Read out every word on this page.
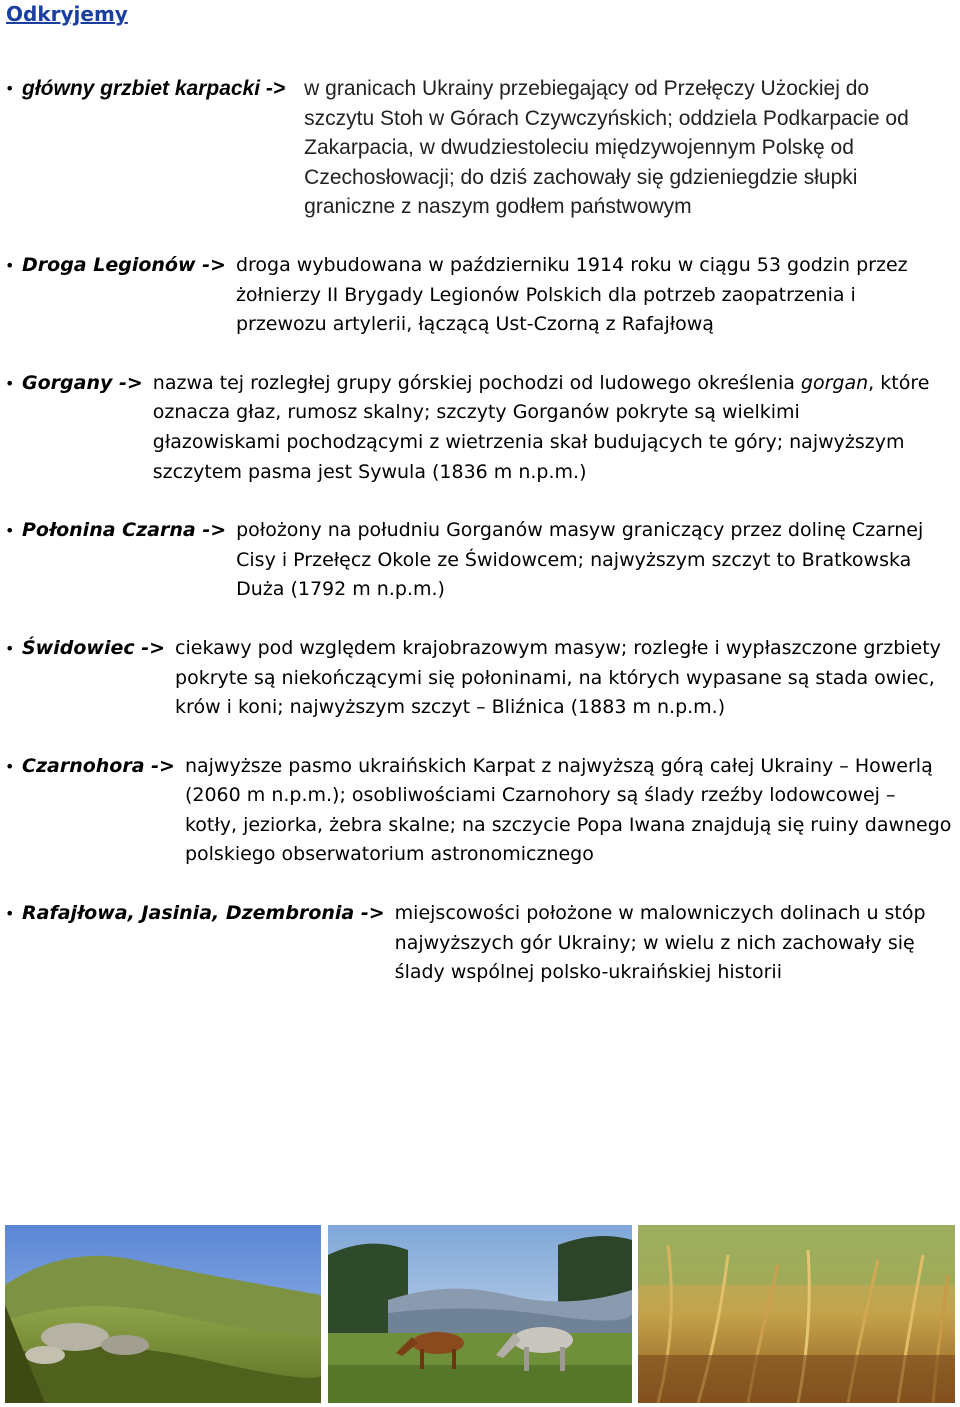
Odkryjemy
• główny grzbiet karpacki -> w granicach Ukrainy przebiegający od Przełęczy Użockiej do szczytu Stoh w Górach Czywczyńskich; oddziela Podkarpacie od Zakarpacia, w dwudziestoleciu międzywojennym Polskę od Czechosłowacji; do dziś zachowały się gdzieniegdzie słupki graniczne z naszym godłem państwowym
• Droga Legionów -> droga wybudowana w październiku 1914 roku w ciągu 53 godzin przez żołnierzy II Brygady Legionów Polskich dla potrzeb zaopatrzenia i przewozu artylerii, łączącą Ust-Czorną z Rafajłową
• Gorgany -> nazwa tej rozległej grupy górskiej pochodzi od ludowego określenia gorgan, które oznacza głaz, rumosz skalny; szczyty Gorganów pokryte są wielkimi głazowiskami pochodzącymi z wietrzenia skał budujących te góry; najwyższym szczytem pasma jest Sywula (1836 m n.p.m.)
• Połonina Czarna -> położony na południu Gorganów masyw graniczący przez dolinę Czarnej Cisy i Przełęcz Okole ze Świdowcem; najwyższym szczyt to Bratkowska Duża (1792 m n.p.m.)
• Świdowiec -> ciekawy pod względem krajobrazowym masyw; rozległe i wypłaszczone grzbiety pokryte są niekończącymi się połoninami, na których wypasane są stada owiec, krów i koni; najwyższym szczyt – Bliźnica (1883 m n.p.m.)
• Czarnohora -> najwyższe pasmo ukraińskich Karpat z najwyższą górą całej Ukrainy – Howerlą (2060 m n.p.m.); osobliwościami Czarnohory są ślady rzeźby lodowcowej – kotły, jeziorka, żebra skalne; na szczycie Popa Iwana znajdują się ruiny dawnego polskiego obserwatorium astronomicznego
• Rafajłowa, Jasinia, Dzembronia -> miejscowości położone w malowniczych dolinach u stóp najwyższych gór Ukrainy; w wielu z nich zachowały się ślady wspólnej polsko-ukraińskiej historii
